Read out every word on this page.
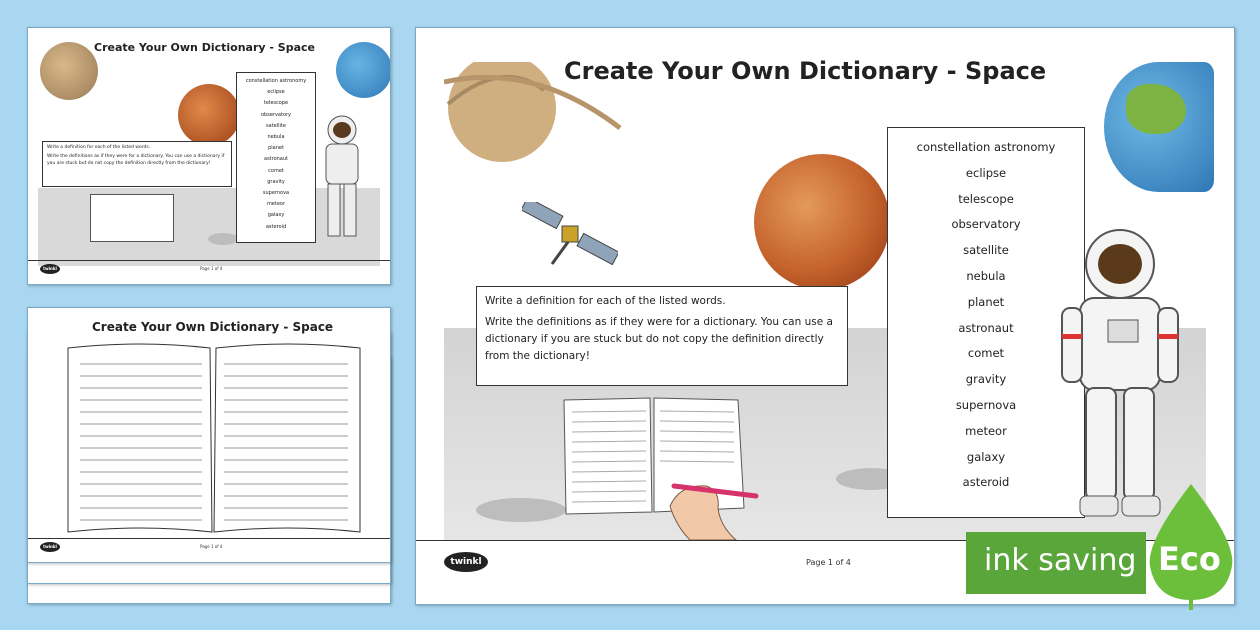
Create Your Own Dictionary - Space
constellation astronomy
eclipse
telescope
observatory
satellite
nebula
planet
astronaut
comet
gravity
supernova
meteor
galaxy
asteroid
Write a definition for each of the listed words.
Write the definitions as if they were for a dictionary. You can use a dictionary if you are stuck but do not copy the definition directly from the dictionary!
twinkl	Page 1 of 4
Create Your Own Dictionary - Space
twinkl	Page 1 of 4
Create Your Own Dictionary - Space
constellation astronomy
eclipse
telescope
observatory
satellite
nebula
planet
astronaut
comet
gravity
supernova
meteor
galaxy
asteroid
Write a definition for each of the listed words.
Write the definitions as if they were for a dictionary. You can use a dictionary if you are stuck but do not copy the definition directly from the dictionary!
twinkl	Page 1 of 4	ink saving Eco
